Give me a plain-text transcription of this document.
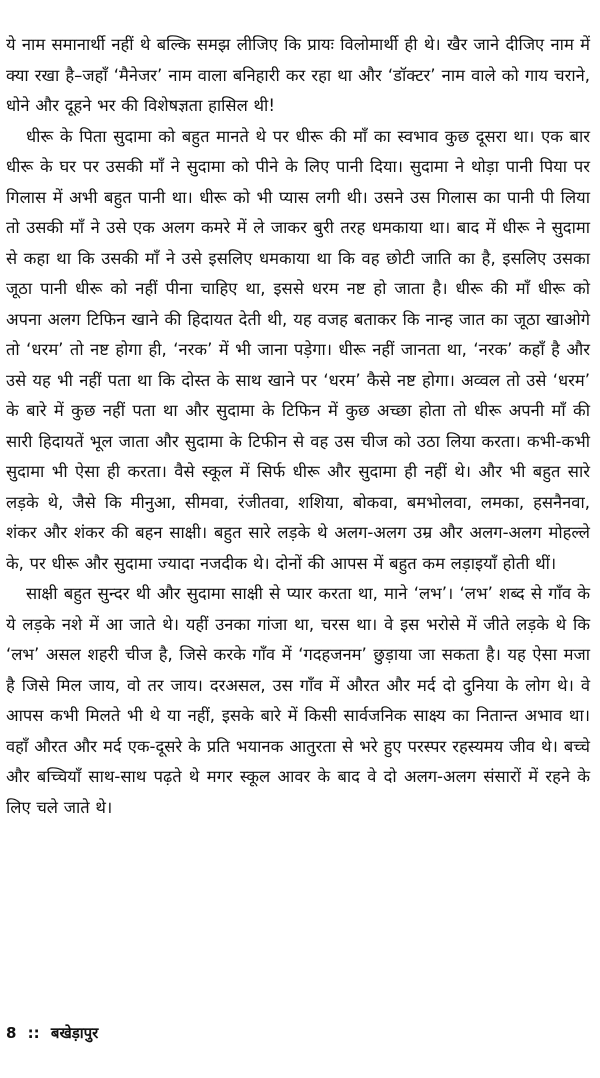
ये नाम समानार्थी नहीं थे बल्कि समझ लीजिए कि प्रायः विलोमार्थी ही थे। खैर जाने दीजिए नाम में क्या रखा है–जहाँ ‘मैनेजर’ नाम वाला बनिहारी कर रहा था और ‘डॉक्टर’ नाम वाले को गाय चराने, धोने और दूहने भर की विशेषज्ञता हासिल थी!

धीरू के पिता सुदामा को बहुत मानते थे पर धीरू की माँ का स्वभाव कुछ दूसरा था। एक बार धीरू के घर पर उसकी माँ ने सुदामा को पीने के लिए पानी दिया। सुदामा ने थोड़ा पानी पिया पर गिलास में अभी बहुत पानी था। धीरू को भी प्यास लगी थी। उसने उस गिलास का पानी पी लिया तो उसकी माँ ने उसे एक अलग कमरे में ले जाकर बुरी तरह धमकाया था। बाद में धीरू ने सुदामा से कहा था कि उसकी माँ ने उसे इसलिए धमकाया था कि वह छोटी जाति का है, इसलिए उसका जूठा पानी धीरू को नहीं पीना चाहिए था, इससे धरम नष्ट हो जाता है। धीरू की माँ धीरू को अपना अलग टिफिन खाने की हिदायत देती थी, यह वजह बताकर कि नान्ह जात का जूठा खाओगे तो ‘धरम’ तो नष्ट होगा ही, ‘नरक’ में भी जाना पड़ेगा। धीरू नहीं जानता था, ‘नरक’ कहाँ है और उसे यह भी नहीं पता था कि दोस्त के साथ खाने पर ‘धरम’ कैसे नष्ट होगा। अव्वल तो उसे ‘धरम’ के बारे में कुछ नहीं पता था और सुदामा के टिफिन में कुछ अच्छा होता तो धीरू अपनी माँ की सारी हिदायतें भूल जाता और सुदामा के टिफीन से वह उस चीज को उठा लिया करता। कभी-कभी सुदामा भी ऐसा ही करता। वैसे स्कूल में सिर्फ धीरू और सुदामा ही नहीं थे। और भी बहुत सारे लड़के थे, जैसे कि मीनुआ, सीमवा, रंजीतवा, शशिया, बोकवा, बमभोलवा, लमका, हसनैनवा, शंकर और शंकर की बहन साक्षी। बहुत सारे लड़के थे अलग-अलग उम्र और अलग-अलग मोहल्ले के, पर धीरू और सुदामा ज्यादा नजदीक थे। दोनों की आपस में बहुत कम लड़ाइयाँ होती थीं।

साक्षी बहुत सुन्दर थी और सुदामा साक्षी से प्यार करता था, माने ‘लभ’। ‘लभ’ शब्द से गाँव के ये लड़के नशे में आ जाते थे। यहीं उनका गांजा था, चरस था। वे इस भरोसे में जीते लड़के थे कि ‘लभ’ असल शहरी चीज है, जिसे करके गाँव में ‘गदहजनम’ छुड़ाया जा सकता है। यह ऐसा मजा है जिसे मिल जाय, वो तर जाय। दरअसल, उस गाँव में औरत और मर्द दो दुनिया के लोग थे। वे आपस कभी मिलते भी थे या नहीं, इसके बारे में किसी सार्वजनिक साक्ष्य का नितान्त अभाव था। वहाँ औरत और मर्द एक-दूसरे के प्रति भयानक आतुरता से भरे हुए परस्पर रहस्यमय जीव थे। बच्चे और बच्चियाँ साथ-साथ पढ़ते थे मगर स्कूल आवर के बाद वे दो अलग-अलग संसारों में रहने के लिए चले जाते थे।

8 :: बखेड़ापुर
